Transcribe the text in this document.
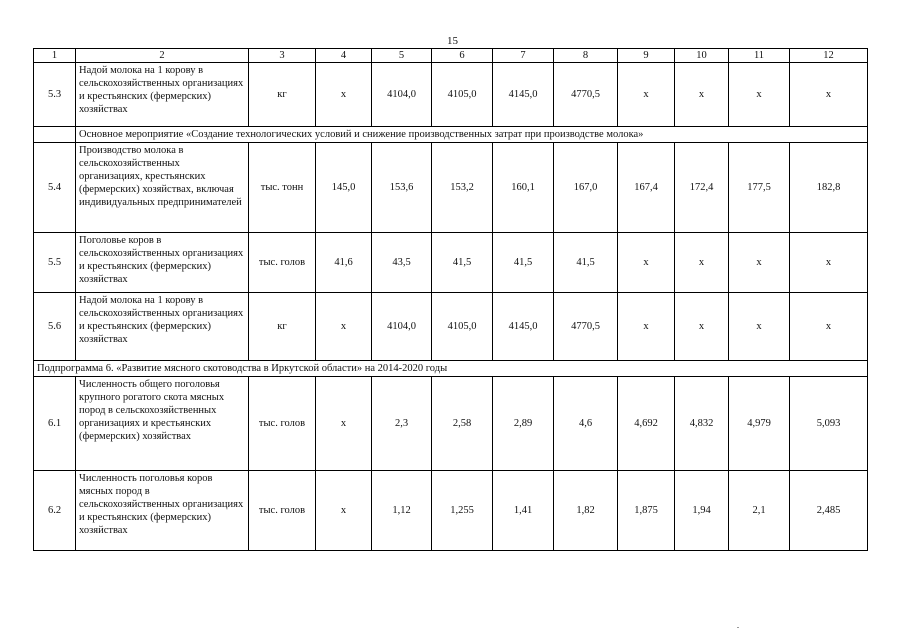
15
1	2	3	4	5	6	7	8	9	10	11	12
5.3	Надой молока на 1 корову в сельскохозяйственных организациях и крестьянских (фермерских) хозяйствах	кг	x	4104,0	4105,0	4145,0	4770,5	x	x	x	x
	Основное мероприятие «Создание технологических условий и снижение производственных затрат при производстве молока»										
5.4	Производство молока в сельскохозяйственных организациях, крестьянских (фермерских) хозяйствах, включая индивидуальных предпринимателей	тыс. тонн	145,0	153,6	153,2	160,1	167,0	167,4	172,4	177,5	182,8
5.5	Поголовье коров в сельскохозяйственных организациях и крестьянских (фермерских) хозяйствах	тыс. голов	41,6	43,5	41,5	41,5	41,5	x	x	x	x
5.6	Надой молока на 1 корову в сельскохозяйственных организациях и крестьянских (фермерских) хозяйствах	кг	x	4104,0	4105,0	4145,0	4770,5	x	x	x	x
Подпрограмма 6. «Развитие мясного скотоводства в Иркутской области» на 2014-2020 годы											
6.1	Численность общего поголовья крупного рогатого скота мясных пород в сельскохозяйственных организациях и крестьянских (фермерских) хозяйствах	тыс. голов	x	2,3	2,58	2,89	4,6	4,692	4,832	4,979	5,093
6.2	Численность поголовья коров мясных пород в сельскохозяйственных организациях и крестьянских (фермерских) хозяйствах	тыс. голов	x	1,12	1,255	1,41	1,82	1,875	1,94	2,1	2,485
